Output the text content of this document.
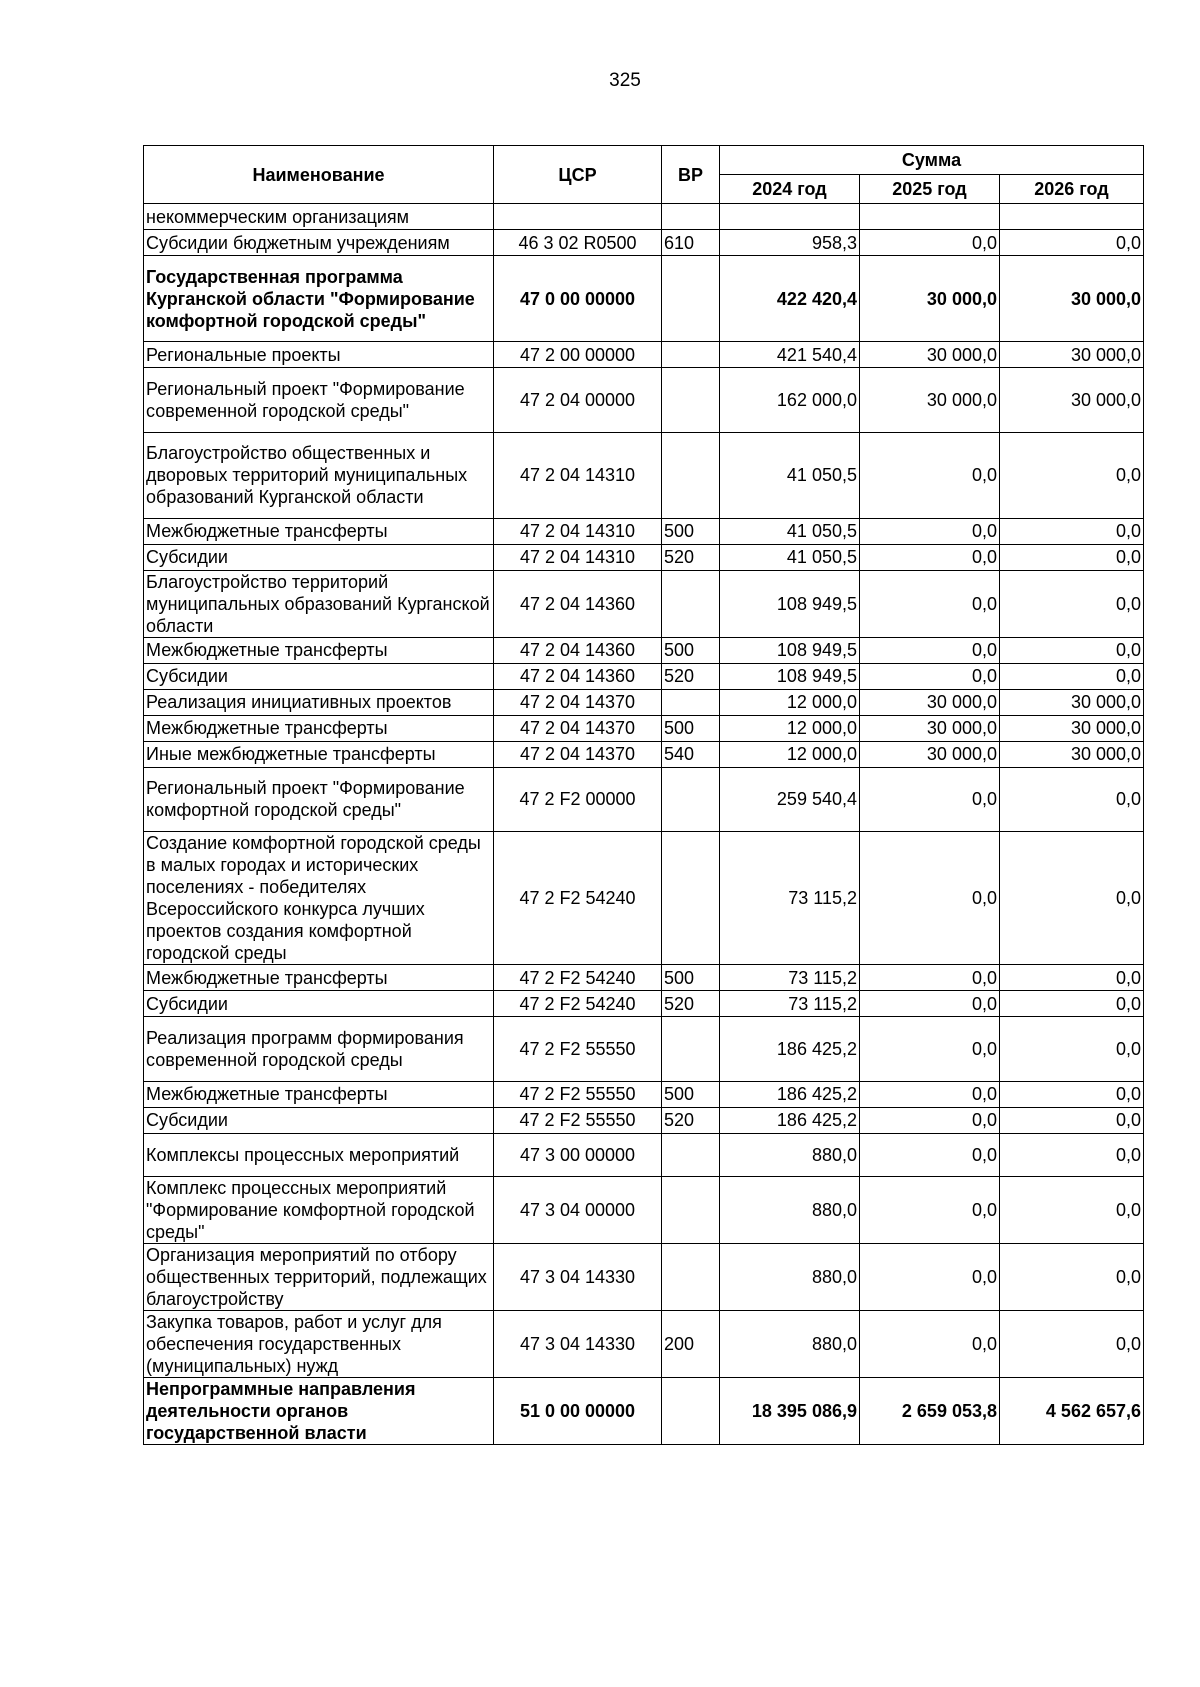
325
Наименование	ЦСР	ВР	Сумма		
			2024 год	2025 год	2026 год
некоммерческим организациям					
Субсидии бюджетным учреждениям	46 3 02 R0500	610	958,3	0,0	0,0
Государственная программа Курганской области "Формирование комфортной городской среды"	47 0 00 00000		422 420,4	30 000,0	30 000,0
Региональные проекты	47 2 00 00000		421 540,4	30 000,0	30 000,0
Региональный проект "Формирование современной городской среды"	47 2 04 00000		162 000,0	30 000,0	30 000,0
Благоустройство общественных и дворовых территорий муниципальных образований Курганской области	47 2 04 14310		41 050,5	0,0	0,0
Межбюджетные трансферты	47 2 04 14310	500	41 050,5	0,0	0,0
Субсидии	47 2 04 14310	520	41 050,5	0,0	0,0
Благоустройство территорий муниципальных образований Курганской области	47 2 04 14360		108 949,5	0,0	0,0
Межбюджетные трансферты	47 2 04 14360	500	108 949,5	0,0	0,0
Субсидии	47 2 04 14360	520	108 949,5	0,0	0,0
Реализация инициативных проектов	47 2 04 14370		12 000,0	30 000,0	30 000,0
Межбюджетные трансферты	47 2 04 14370	500	12 000,0	30 000,0	30 000,0
Иные межбюджетные трансферты	47 2 04 14370	540	12 000,0	30 000,0	30 000,0
Региональный проект "Формирование комфортной городской среды"	47 2 F2 00000		259 540,4	0,0	0,0
Создание комфортной городской среды в малых городах и исторических поселениях - победителях Всероссийского конкурса лучших проектов создания комфортной городской среды	47 2 F2 54240		73 115,2	0,0	0,0
Межбюджетные трансферты	47 2 F2 54240	500	73 115,2	0,0	0,0
Субсидии	47 2 F2 54240	520	73 115,2	0,0	0,0
Реализация программ формирования современной городской среды	47 2 F2 55550		186 425,2	0,0	0,0
Межбюджетные трансферты	47 2 F2 55550	500	186 425,2	0,0	0,0
Субсидии	47 2 F2 55550	520	186 425,2	0,0	0,0
Комплексы процессных мероприятий	47 3 00 00000		880,0	0,0	0,0
Комплекс процессных мероприятий "Формирование комфортной городской среды"	47 3 04 00000		880,0	0,0	0,0
Организация мероприятий по отбору общественных территорий, подлежащих благоустройству	47 3 04 14330		880,0	0,0	0,0
Закупка товаров, работ и услуг для обеспечения государственных (муниципальных) нужд	47 3 04 14330	200	880,0	0,0	0,0
Непрограммные направления деятельности органов государственной власти	51 0 00 00000		18 395 086,9	2 659 053,8	4 562 657,6
